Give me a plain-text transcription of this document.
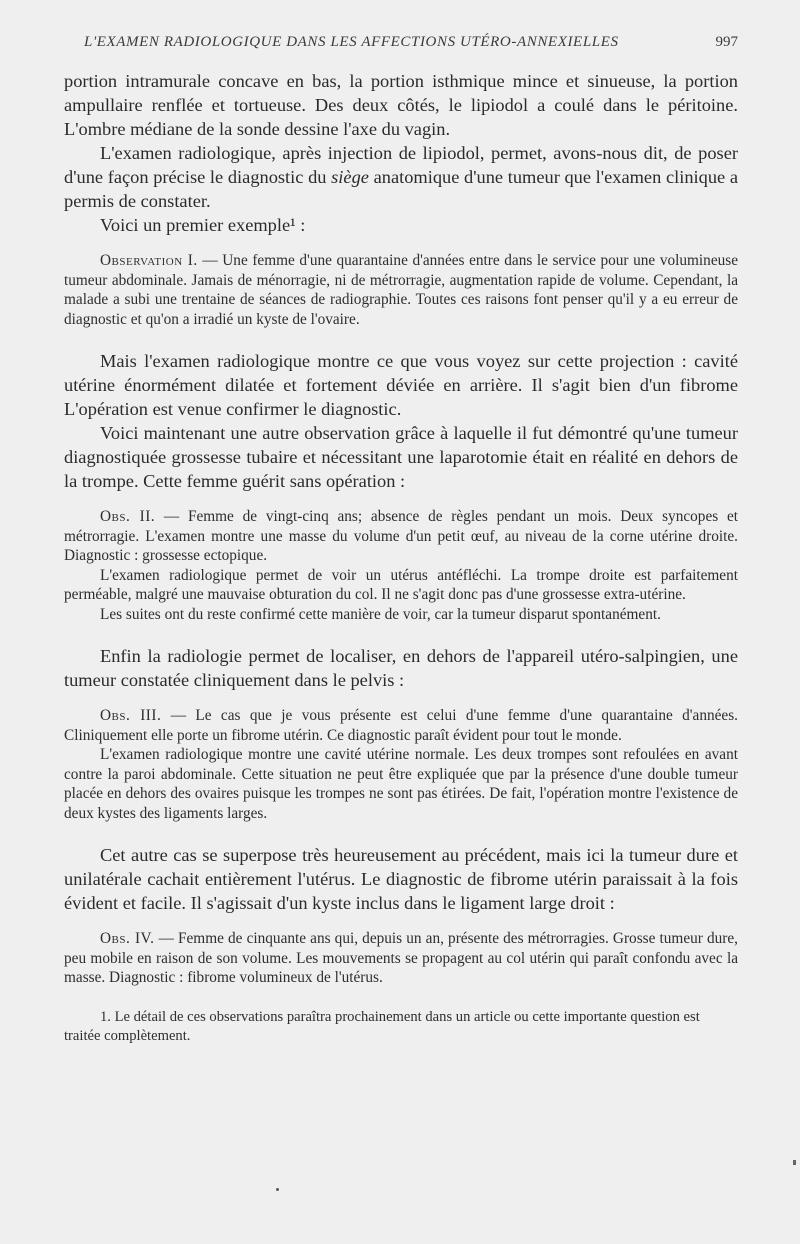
L'EXAMEN RADIOLOGIQUE DANS LES AFFECTIONS UTÉRO-ANNEXIELLES	997

portion intramurale concave en bas, la portion isthmique mince et sinueuse, la portion ampullaire renflée et tortueuse. Des deux côtés, le lipiodol a coulé dans le péritoine. L'ombre médiane de la sonde dessine l'axe du vagin.

L'examen radiologique, après injection de lipiodol, permet, avons-nous dit, de poser d'une façon précise le diagnostic du siège anatomique d'une tumeur que l'examen clinique a permis de constater.

Voici un premier exemple¹ :

Observation I. — Une femme d'une quarantaine d'années entre dans le service pour une volumineuse tumeur abdominale. Jamais de ménorragie, ni de métrorragie, augmentation rapide de volume. Cependant, la malade a subi une trentaine de séances de radiographie. Toutes ces raisons font penser qu'il y a eu erreur de diagnostic et qu'on a irradié un kyste de l'ovaire.

Mais l'examen radiologique montre ce que vous voyez sur cette projection : cavité utérine énormément dilatée et fortement déviée en arrière. Il s'agit bien d'un fibrome L'opération est venue confirmer le diagnostic.

Voici maintenant une autre observation grâce à laquelle il fut démontré qu'une tumeur diagnostiquée grossesse tubaire et nécessitant une laparotomie était en réalité en dehors de la trompe. Cette femme guérit sans opération :

Obs. II. — Femme de vingt-cinq ans; absence de règles pendant un mois. Deux syncopes et métrorragie. L'examen montre une masse du volume d'un petit œuf, au niveau de la corne utérine droite. Diagnostic : grossesse ectopique.

L'examen radiologique permet de voir un utérus antéfléchi. La trompe droite est parfaitement perméable, malgré une mauvaise obturation du col. Il ne s'agit donc pas d'une grossesse extra-utérine.

Les suites ont du reste confirmé cette manière de voir, car la tumeur disparut spontanément.

Enfin la radiologie permet de localiser, en dehors de l'appareil utéro-salpingien, une tumeur constatée cliniquement dans le pelvis :

Obs. III. — Le cas que je vous présente est celui d'une femme d'une quarantaine d'années. Cliniquement elle porte un fibrome utérin. Ce diagnostic paraît évident pour tout le monde.

L'examen radiologique montre une cavité utérine normale. Les deux trompes sont refoulées en avant contre la paroi abdominale. Cette situation ne peut être expliquée que par la présence d'une double tumeur placée en dehors des ovaires puisque les trompes ne sont pas étirées. De fait, l'opération montre l'existence de deux kystes des ligaments larges.

Cet autre cas se superpose très heureusement au précédent, mais ici la tumeur dure et unilatérale cachait entièrement l'utérus. Le diagnostic de fibrome utérin paraissait à la fois évident et facile. Il s'agissait d'un kyste inclus dans le ligament large droit :

Obs. IV. — Femme de cinquante ans qui, depuis un an, présente des métrorragies. Grosse tumeur dure, peu mobile en raison de son volume. Les mouvements se propagent au col utérin qui paraît confondu avec la masse. Diagnostic : fibrome volumineux de l'utérus.

1. Le détail de ces observations paraîtra prochainement dans un article ou cette importante question est traitée complètement.
